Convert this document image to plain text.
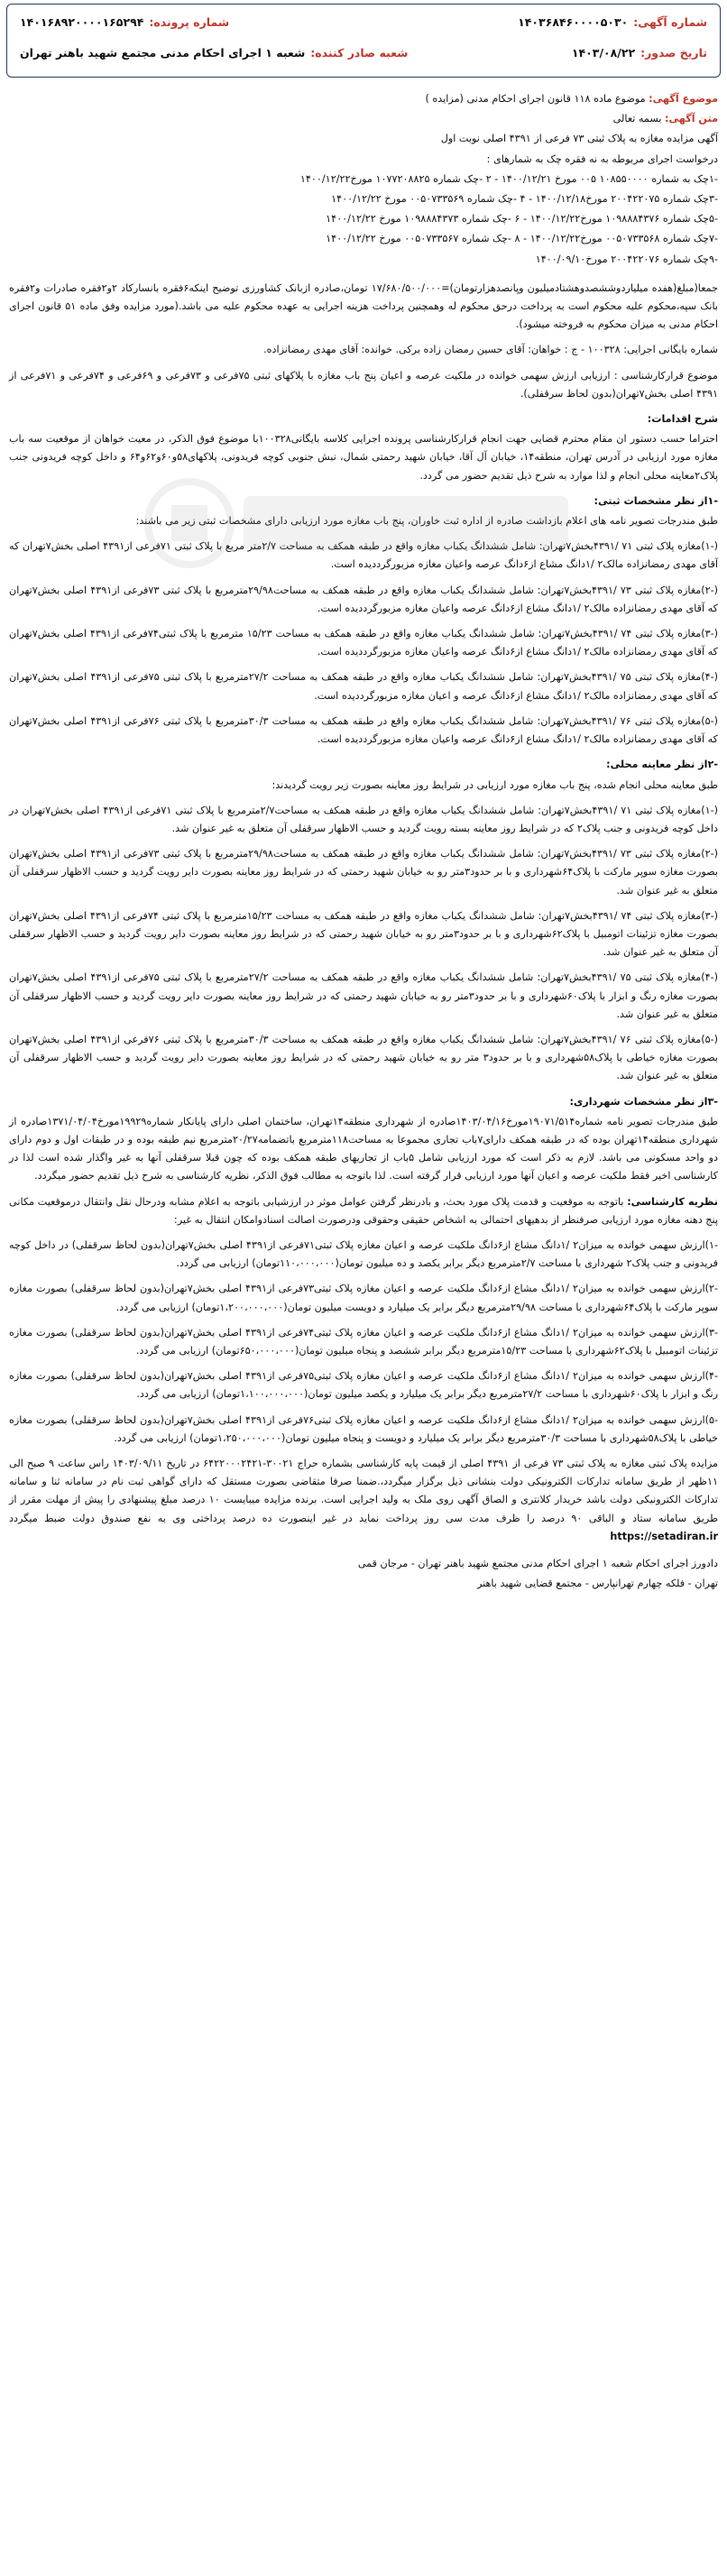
شماره آگهی:
۱۴۰۳۶۸۴۶۰۰۰۰۵۰۳۰
شماره پرونده:
۱۴۰۱۶۸۹۲۰۰۰۰۱۶۵۲۹۴
تاریخ صدور:
۱۴۰۳/۰۸/۲۲
شعبه صادر کننده:
شعبه ۱ اجرای احکام مدنی مجتمع شهید باهنر تهران

موضوع آگهی: موضوع ماده ۱۱۸ قانون اجرای احکام مدنی (مزایده )

متن آگهی: بسمه تعالی

آگهی مزایده مغازه به پلاک ثبتی ۷۳ فرعی از ۴۳۹۱ اصلی نوبت اول

درخواست اجرای مربوطه به نه فقره چک به شمارهای :

-۱چک به شماره ۱۰۸۵۵۰۰۰۰ ۰۰۵ مورخ ۱۴۰۰/۱۲/۲۱ - ۲ -چک شماره ۱۰۷۷۲۰۸۸۲۵ مورخ۱۴۰۰/۱۲/۲۲

-۳چک شماره ۲۰۰۴۲۲۰۷۵ مورخ۱۴۰۰/۱۲/۱۸ - ۴ -چک شماره ۰۰۵۰۷۳۳۵۶۹ مورخ ۱۴۰۰/۱۲/۲۲

-۵چک شماره ۱۰۹۸۸۸۴۳۷۶ مورخ۱۴۰۰/۱۲/۲۲ - ۶ -چک شماره ۱۰۹۸۸۸۴۳۷۳ مورخ ۱۴۰۰/۱۲/۲۲

-۷چک شماره ۰۰۵۰۷۳۳۵۶۸ مورخ۱۴۰۰/۱۲/۲۲ - ۸ -چک شماره ۰۰۵۰۷۳۳۵۶۷ مورخ ۱۴۰۰/۱۲/۲۲

-۹چک شماره ۲۰۰۴۲۲۰۷۶ مورخ۱۴۰۰/۰۹/۱۰

جمعا(مبلغ(هفده میلیاردوششصدوهشتادمیلیون وپانصدهزارتومان)=۱۷/۶۸۰/۵۰۰/۰۰۰ تومان،صادره ازبانک کشاورزی توضیح اینکه۶فقره بانسارکاد ۲و۲فقره صادرات و۲فقره بانک سپه،محکوم علیه محکوم است به پرداخت درحق محکوم له وهمچنین پرداخت هزینه اجرایی به عهده محکوم علیه می باشد.(مورد مزایده وفق ماده ۵۱ قانون اجرای احکام مدنی به میزان محکوم به فروخته میشود).

شماره بایگانی اجرایی: ۱۰۰۳۲۸ - ج : خواهان: آقای حسین رمضان زاده برکی. خوانده: آقای مهدی رمضانزاده.

موضوع قرارکارشناسی : ارزیابی ارزش سهمی خوانده در ملکیت عرصه و اعیان پنج باب مغازه با پلاکهای ثبتی ۷۵فرعی و ۷۳فرعی و ۶۹فرعی و ۷۴فرعی و ۷۱فرعی از ۴۳۹۱ اصلی بخش۷تهران(بدون لحاظ سرقفلی).

شرح اقدامات:

احتراما حسب دستور ان مقام محترم قضایی جهت انجام قرارکارشناسی پرونده اجرایی کلاسه بایگانی۱۰۰۳۲۸با موضوع فوق الذکر، در معیت خواهان از موقعیت سه باب مغازه مورد ارزیابی در آدرس تهران، منطقه۱۴، خیابان آل آقا، خیابان شهید رحمتی شمال، نبش جنوبی کوچه فریدونی، پلاکهای۵۸و۶۰و۶۲و۶۴ و داخل کوچه فریدونی جنب پلاک۲معاینه محلی انجام و لذا موارد به شرح ذیل تقدیم حضور می گردد.

-۱از نظر مشخصات ثبتی:

طبق مندرجات تصویر نامه های اعلام بازداشت صادره از اداره ثبت خاوران، پنج باب مغازه مورد ارزیابی دارای مشخصات ثبتی زیر می باشند:

(-۱)مغازه پلاک ثبتی ۷۱ /۴۳۹۱بخش۷تهران: شامل ششدانگ یکباب مغازه واقع در طبقه همکف به مساحت ۲/۷متر مربع با پلاک ثبتی ۷۱فرعی از۴۳۹۱ اصلی بخش۷تهران که آقای مهدی رمضانزاده مالک۲ /۱دانگ مشاع از۶دانگ عرصه واعیان مغازه مزبورگرددیده است.

(-۲)مغازه پلاک ثبتی ۷۳ /۴۳۹۱بخش۷تهران: شامل ششدانگ یکباب مغازه واقع در طبقه همکف به مساحت۲۹/۹۸مترمربع با پلاک ثبتی ۷۳فرعی از۴۳۹۱ اصلی بخش۷تهران که آقای مهدی رمضانزاده مالک۲ /۱دانگ مشاع از۶دانگ عرصه واعیان مغازه مزبورگرددیده است.

(-۳)مغازه پلاک ثبتی ۷۴ /۴۳۹۱بخش۷تهران: شامل ششدانگ یکباب مغازه واقع در طبقه همکف به مساحت ۱۵/۲۳ مترمربع با پلاک ثبتی۷۴فرعی از۴۳۹۱ اصلی بخش۷تهران که آقای مهدی رمضانزاده مالک۲ /۱دانگ مشاع از۶دانگ عرصه واعیان مغازه مزبورگرددیده است.

(-۴)مغازه پلاک ثبتی ۷۵ /۴۳۹۱بخش۷تهران: شامل ششدانگ یکباب مغازه واقع در طبقه همکف به مساحت ۲۷/۲مترمربع با پلاک ثبتی ۷۵فرعی از۴۳۹۱ اصلی بخش۷تهران که آقای مهدی رمضانزاده مالک۲ /۱دانگ مشاع از۶دانگ عرصه و اعیان مغازه مزبورگرددیده است.

(-۵)مغازه پلاک ثبتی ۷۶ /۴۳۹۱بخش۷تهران: شامل ششدانگ یکباب مغازه واقع در طبقه همکف به مساحت ۳۰/۳مترمربع با پلاک ثبتی ۷۶فرعی از۴۳۹۱ اصلی بخش۷تهران که آقای مهدی رمضانزاده مالک۲ /۱دانگ مشاع از۶دانگ عرصه واعیان مغازه مزبورگرددیده است.

-۲از نظر معاینه محلی:

طبق معاینه محلی انجام شده، پنج باب مغازه مورد ارزیابی در شرایط روز معاینه بصورت زیر رویت گردیدند:

(-۱)مغازه پلاک ثبتی ۷۱ /۴۳۹۱بخش۷تهران: شامل ششدانگ یکباب مغازه واقع در طبقه همکف به مساحت۲/۷مترمربع با پلاک ثبتی ۷۱فرعی از۴۳۹۱ اصلی بخش۷تهران در داخل کوچه فریدونی و جنب پلاک۲ که در شرایط روز معاینه بسته رویت گردید و حسب الاظهار سرقفلی آن متعلق به غیر عنوان شد.

(-۲)مغازه پلاک ثبتی ۷۳ /۴۳۹۱بخش۷تهران: شامل ششدانگ یکباب مغازه واقع در طبقه همکف به مساحت۲۹/۹۸مترمربع با پلاک ثبتی ۷۳فرعی از۴۳۹۱ اصلی بخش۷تهران بصورت مغازه سوپر مارکت با پلاک۶۴شهرداری و با بر حدود۳متر رو به خیابان شهید رحمتی که در شرایط روز معاینه بصورت دایر رویت گردید و حسب الاظهار سرقفلی آن متعلق به غیر عنوان شد.

(-۳)مغازه پلاک ثبتی ۷۴ /۴۳۹۱بخش۷تهران: شامل ششدانگ یکباب مغازه واقع در طبقه همکف به مساحت ۱۵/۲۳مترمربع با پلاک ثبتی ۷۴فرعی از۴۳۹۱ اصلی بخش۷تهران بصورت مغازه تزئینات اتومبیل با پلاک۶۲شهرداری و با بر حدود۳متر رو به خیابان شهید رحمتی که در شرایط روز معاینه بصورت دایر رویت گردید و حسب الاظهار سرقفلی آن متعلق به غیر عنوان شد.

(-۴)مغازه پلاک ثبتی ۷۵ /۴۳۹۱بخش۷تهران: شامل ششدانگ یکباب مغازه واقع در طبقه همکف به مساحت ۲۷/۲مترمربع با پلاک ثبتی ۷۵فرعی از۴۳۹۱ اصلی بخش۷تهران بصورت مغازه رنگ و ابزار با پلاک۶۰شهرداری و با بر حدود۳متر رو به خیابان شهید رحمتی که در شرایط روز معاینه بصورت دایر رویت گردید و حسب الاظهار سرقفلی آن متعلق به غیر عنوان شد.

(-۵)مغازه پلاک ثبتی ۷۶ /۴۳۹۱بخش۷تهران: شامل ششدانگ یکباب مغازه واقع در طبقه همکف به مساحت ۳۰/۳مترمربع با پلاک ثبتی ۷۶فرعی از۴۳۹۱ اصلی بخش۷تهران بصورت مغازه خیاطی با پلاک۵۸شهرداری و با بر حدود۳ متر رو به خیابان شهید رحمتی که در شرایط روز معاینه بصورت دایر رویت گردید و حسب الاظهار سرقفلی آن متعلق به غیر عنوان شد.

-۳از نظر مشخصات شهرداری:

طبق مندرجات تصویر نامه شماره۱۹۰۷۱/۵۱۴مورخ۱۴۰۳/۰۴/۱۶صادره از شهرداری منطقه۱۴تهران، ساختمان اصلی دارای پایانکار شماره۱۹۹۲۹مورخ۱۳۷۱/۰۴/۰۴صادره از شهرداری منطقه۱۴تهران بوده که در طبقه همکف دارای۷باب تجاری مجموعا به مساحت۱۱۸مترمربع باتضمامه۲۰/۲۷مترمربع نیم طبقه بوده و در طبقات اول و دوم دارای دو واحد مسکونی می باشد. لازم به ذکر است که مورد ارزیابی شامل ۵باب از تجاریهای طبقه همکف بوده که چون قبلا سرقفلی آنها به غیر واگذار شده است لذا در کارشناسی اخیر فقط ملکیت عرصه و اعیان آنها مورد ارزیابی قرار گرفته است. لذا باتوجه به مطالب فوق الذکر، نظریه کارشناسی به شرح ذیل تقدیم حضور میگردد.

نظریه کارشناسی: باتوجه به موقعیت و قدمت پلاک مورد بحث، و بادرنظر گرفتن عوامل موثر در ارزشیابی باتوجه به اعلام مشابه ودرحال نقل وانتقال درموقعیت مکانی پنج دهنه مغازه مورد ارزیابی صرفنظر از بدهیهای احتمالی به اشخاص حقیقی وحقوقی ودرصورت اصالت اسنادوامکان انتقال به غیر:

-۱)ارزش سهمی خوانده به میزان۲ /۱دانگ مشاع از۶دانگ ملکیت عرصه و اعیان مغازه پلاک ثبتی۷۱فرعی از۴۳۹۱ اصلی بخش۷تهران(بدون لحاظ سرقفلی) در داخل کوچه فریدونی و جنب پلاک۲ شهرداری با مساحت ۲/۷مترمربع دیگر برابر یکصد و ده میلیون تومان(۱۱۰،۰۰۰،۰۰۰تومان) ارزیابی می گردد.

-۲)ارزش سهمی خوانده به میزان۲ /۱دانگ مشاع از۶دانگ ملکیت عرصه و اعیان مغازه پلاک ثبتی۷۳فرعی از۴۳۹۱ اصلی بخش۷تهران(بدون لحاظ سرقفلی) بصورت مغازه سوپر مارکت با پلاک۶۴شهرداری با مساحت ۲۹/۹۸مترمربع دیگر برابر یک میلیارد و دویست میلیون تومان(۱،۲۰۰،۰۰۰،۰۰۰تومان) ارزیابی می گردد.

-۳)ارزش سهمی خوانده به میزان۲ /۱دانگ مشاع از۶دانگ ملکیت عرصه و اعیان مغازه پلاک ثبتی۷۴فرعی از۴۳۹۱ اصلی بخش۷تهران(بدون لحاظ سرقفلی) بصورت مغازه تزئینات اتومبیل با پلاک۶۲شهرداری با مساحت ۱۵/۲۳مترمربع دیگر برابر ششصد و پنجاه میلیون تومان(۶۵۰،۰۰۰،۰۰۰تومان) ارزیابی می گردد.

-۴)ارزش سهمی خوانده به میزان۲ /۱دانگ مشاع از۶دانگ ملکیت عرصه و اعیان مغازه پلاک ثبتی۷۵فرعی از۴۳۹۱ اصلی بخش۷تهران(بدون لحاظ سرقفلی) بصورت مغازه رنگ و ابزار با پلاک۶۰شهرداری با مساحت ۲۷/۲مترمربع دیگر برابر یک میلیارد و یکصد میلیون تومان(۱،۱۰۰،۰۰۰،۰۰۰تومان) ارزیابی می گردد.

-۵)ارزش سهمی خوانده به میزان۲ /۱دانگ مشاع از۶دانگ ملکیت عرصه و اعیان مغازه پلاک ثبتی۷۶فرعی از۴۳۹۱ اصلی بخش۷تهران(بدون لحاظ سرقفلی) بصورت مغازه خیاطی با پلاک۵۸شهرداری با مساحت ۳۰/۳مترمربع دیگر برابر یک میلیارد و دویست و پنجاه میلیون تومان(۱،۲۵۰،۰۰۰،۰۰۰تومان) ارزیابی می گردد.

مزایده پلاک ثبتی مغازه به پلاک ثبتی ۷۳ فرعی از ۴۳۹۱ اصلی از قیمت پایه کارشناسی بشماره حراج ۳۰۰۲۱-۶۴۲۲۰۰۰۲۴۲۱ در تاریخ ۱۴۰۳/۰۹/۱۱ راس ساعت ۹ صبح الی ۱۱ظهر از طریق سامانه تدارکات الکترونیکی دولت بنشانی ذیل برگزار میگردد،.ضمنا صرفا متقاضی بصورت مستقل که دارای گواهی ثبت نام در سامانه ثنا و سامانه تدارکات الکترونیکی دولت باشد خریدار کلانتری و الصاق آگهی روی ملک به ولید اجرایی است. برنده مزایده میبایست ۱۰ درصد مبلغ پیشنهادی را پیش از مهلت مقرر از طریق سامانه ستاد و الباقی ۹۰ درصد را ظرف مدت سی روز پرداخت نماید در غیر اینصورت ده درصد پرداختی وی به نفع صندوق دولت ضبط میگردد https://setadiran.ir

دادورز اجرای احکام شعبه ۱ اجرای احکام مدنی مجتمع شهید باهنر تهران - مرجان قمی

تهران - فلکه چهارم تهرانپارس - مجتمع قضایی شهید باهنر
